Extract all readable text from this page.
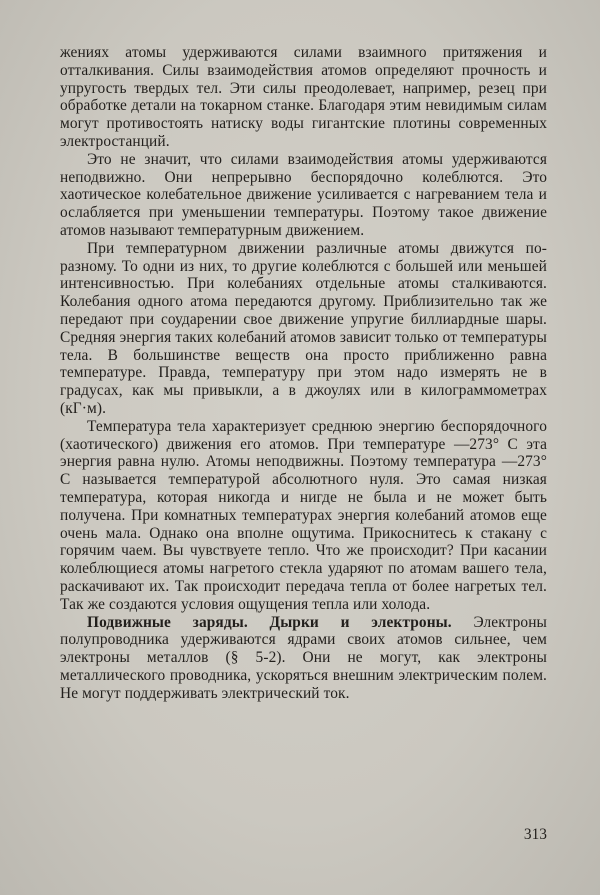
жениях атомы удерживаются силами взаимного притяжения и отталкивания. Силы взаимодействия атомов определяют прочность и упругость твердых тел. Эти силы преодолевает, например, резец при обработке детали на токарном станке. Благодаря этим невидимым силам могут противостоять натиску воды гигантские плотины современных электростанций.

Это не значит, что силами взаимодействия атомы удерживаются неподвижно. Они непрерывно беспорядочно колеблются. Это хаотическое колебательное движение усиливается с нагреванием тела и ослабляется при уменьшении температуры. Поэтому такое движение атомов называют температурным движением.

При температурном движении различные атомы движутся по-разному. То одни из них, то другие колеблются с большей или меньшей интенсивностью. При колебаниях отдельные атомы сталкиваются. Колебания одного атома передаются другому. Приблизительно так же передают при соударении свое движение упругие биллиардные шары. Средняя энергия таких колебаний атомов зависит только от температуры тела. В большинстве веществ она просто приближенно равна температуре. Правда, температуру при этом надо измерять не в градусах, как мы привыкли, а в джоулях или в килограммометрах (кГ·м).

Температура тела характеризует среднюю энергию беспорядочного (хаотического) движения его атомов. При температуре —273° С эта энергия равна нулю. Атомы неподвижны. Поэтому температура —273° С называется температурой абсолютного нуля. Это самая низкая температура, которая никогда и нигде не была и не может быть получена. При комнатных температурах энергия колебаний атомов еще очень мала. Однако она вполне ощутима. Прикоснитесь к стакану с горячим чаем. Вы чувствуете тепло. Что же происходит? При касании колеблющиеся атомы нагретого стекла ударяют по атомам вашего тела, раскачивают их. Так происходит передача тепла от более нагретых тел. Так же создаются условия ощущения тепла или холода.

Подвижные заряды. Дырки и электроны. Электроны полупроводника удерживаются ядрами своих атомов сильнее, чем электроны металлов (§ 5-2). Они не могут, как электроны металлического проводника, ускоряться внешним электрическим полем. Не могут поддерживать электрический ток.

313
